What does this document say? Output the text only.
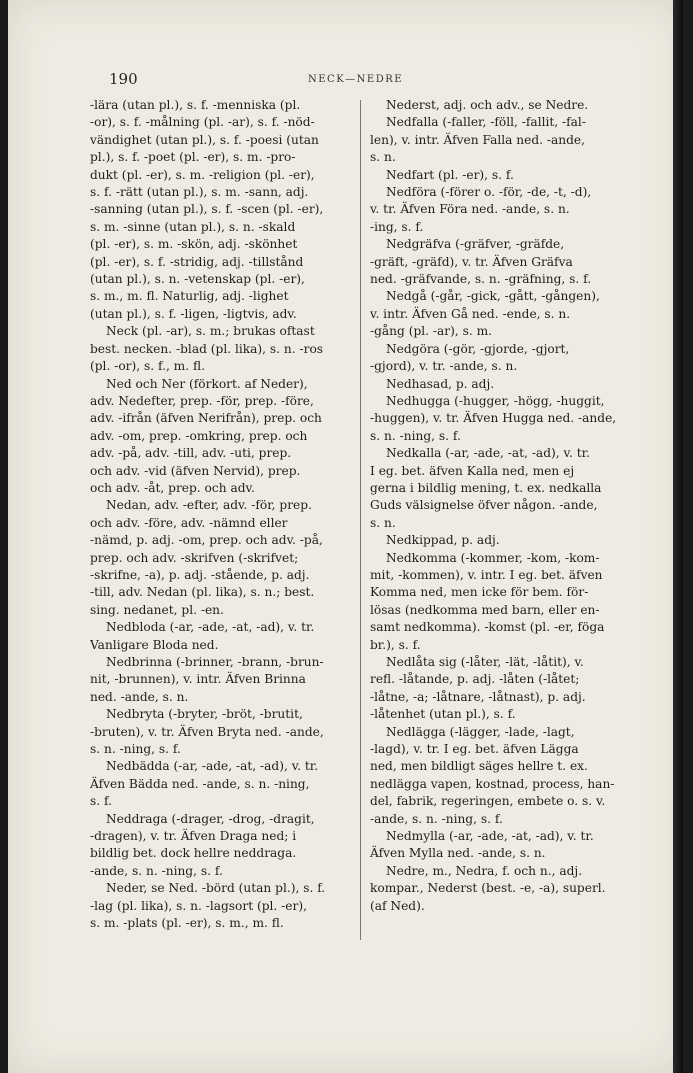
190	NECK—NEDRE
-lära (utan pl.), s. f. -menniska (pl.
-or), s. f. -målning (pl. -ar), s. f. -nöd-
vändighet (utan pl.), s. f. -poesi (utan
pl.), s. f. -poet (pl. -er), s. m. -pro-
dukt (pl. -er), s. m. -religion (pl. -er),
s. f. -rätt (utan pl.), s. m. -sann, adj.
-sanning (utan pl.), s. f. -scen (pl. -er),
s. m. -sinne (utan pl.), s. n. -skald
(pl. -er), s. m. -skön, adj. -skönhet
(pl. -er), s. f. -stridig, adj. -tillstånd
(utan pl.), s. n. -vetenskap (pl. -er),
s. m., m. fl. Naturlig, adj. -lighet
(utan pl.), s. f. -ligen, -ligtvis, adv.
Neck (pl. -ar), s. m.; brukas oftast
best. necken. -blad (pl. lika), s. n. -ros
(pl. -or), s. f., m. fl.
Ned och Ner (förkort. af Neder),
adv. Nedefter, prep. -för, prep. -före,
adv. -ifrån (äfven Nerifrån), prep. och
adv. -om, prep. -omkring, prep. och
adv. -på, adv. -till, adv. -uti, prep.
och adv. -vid (äfven Nervid), prep.
och adv. -åt, prep. och adv.
Nedan, adv. -efter, adv. -för, prep.
och adv. -före, adv. -nämnd eller
-nämd, p. adj. -om, prep. och adv. -på,
prep. och adv. -skrifven (-skrifvet;
-skrifne, -a), p. adj. -stående, p. adj.
-till, adv. Nedan (pl. lika), s. n.; best.
sing. nedanet, pl. -en.
Nedbloda (-ar, -ade, -at, -ad), v. tr.
Vanligare Bloda ned.
Nedbrinna (-brinner, -brann, -brun-
nit, -brunnen), v. intr. Äfven Brinna
ned. -ande, s. n.
Nedbryta (-bryter, -bröt, -brutit,
-bruten), v. tr. Äfven Bryta ned. -ande,
s. n. -ning, s. f.
Nedbädda (-ar, -ade, -at, -ad), v. tr.
Äfven Bädda ned. -ande, s. n. -ning,
s. f.
Neddraga (-drager, -drog, -dragit,
-dragen), v. tr. Äfven Draga ned; i
bildlig bet. dock hellre neddraga.
-ande, s. n. -ning, s. f.
Neder, se Ned. -börd (utan pl.), s. f.
-lag (pl. lika), s. n. -lagsort (pl. -er),
s. m. -plats (pl. -er), s. m., m. fl.
Nederst, adj. och adv., se Nedre.
Nedfalla (-faller, -föll, -fallit, -fal-
len), v. intr. Äfven Falla ned. -ande,
s. n.
Nedfart (pl. -er), s. f.
Nedföra (-förer o. -för, -de, -t, -d),
v. tr. Äfven Föra ned. -ande, s. n.
-ing, s. f.
Nedgräfva (-gräfver, -gräfde,
-gräft, -gräfd), v. tr. Äfven Gräfva
ned. -gräfvande, s. n. -gräfning, s. f.
Nedgå (-går, -gick, -gått, -gången),
v. intr. Äfven Gå ned. -ende, s. n.
-gång (pl. -ar), s. m.
Nedgöra (-gör, -gjorde, -gjort,
-gjord), v. tr. -ande, s. n.
Nedhasad, p. adj.
Nedhugga (-hugger, -högg, -huggit,
-huggen), v. tr. Äfven Hugga ned. -ande,
s. n. -ning, s. f.
Nedkalla (-ar, -ade, -at, -ad), v. tr.
I eg. bet. äfven Kalla ned, men ej
gerna i bildlig mening, t. ex. nedkalla
Guds välsignelse öfver någon. -ande,
s. n.
Nedkippad, p. adj.
Nedkomma (-kommer, -kom, -kom-
mit, -kommen), v. intr. I eg. bet. äfven
Komma ned, men icke för bem. för-
lösas (nedkomma med barn, eller en-
samt nedkomma). -komst (pl. -er, föga
br.), s. f.
Nedlåta sig (-låter, -lät, -låtit), v.
refl. -låtande, p. adj. -låten (-låtet;
-låtne, -a; -låtnare, -låtnast), p. adj.
-låtenhet (utan pl.), s. f.
Nedlägga (-lägger, -lade, -lagt,
-lagd), v. tr. I eg. bet. äfven Lägga
ned, men bildligt säges hellre t. ex.
nedlägga vapen, kostnad, process, han-
del, fabrik, regeringen, embete o. s. v.
-ande, s. n. -ning, s. f.
Nedmylla (-ar, -ade, -at, -ad), v. tr.
Äfven Mylla ned. -ande, s. n.
Nedre, m., Nedra, f. och n., adj.
kompar., Nederst (best. -e, -a), superl.
(af Ned).
